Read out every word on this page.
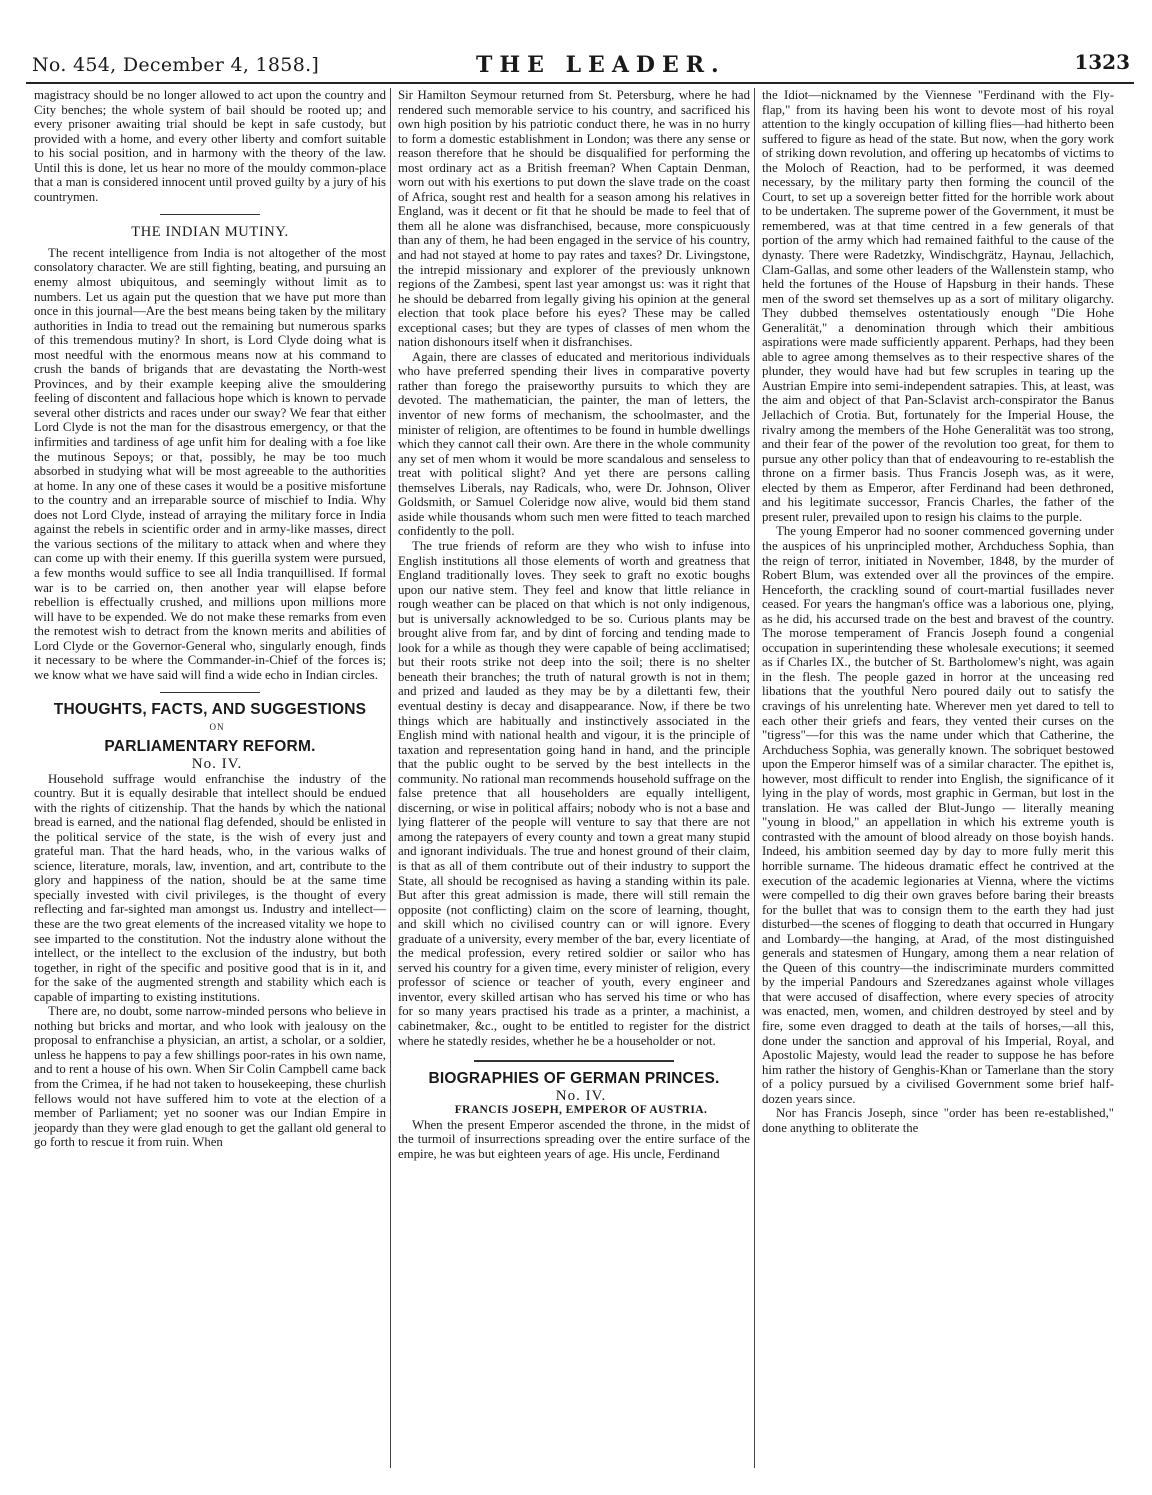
No. 454, December 4, 1858.]	THE LEADER.	1323

magistracy should be no longer allowed to act upon the country and City benches; the whole system of bail should be rooted up; and every prisoner awaiting trial should be kept in safe custody, but provided with a home, and every other liberty and comfort suitable to his social position, and in harmony with the theory of the law. Until this is done, let us hear no more of the mouldy common-place that a man is considered innocent until proved guilty by a jury of his countrymen.

THE INDIAN MUTINY.

The recent intelligence from India is not altogether of the most consolatory character. We are still fighting, beating, and pursuing an enemy almost ubiquitous, and seemingly without limit as to numbers. Let us again put the question that we have put more than once in this journal—Are the best means being taken by the military authorities in India to tread out the remaining but numerous sparks of this tremendous mutiny? In short, is Lord Clyde doing what is most needful with the enormous means now at his command to crush the bands of brigands that are devastating the North-west Provinces, and by their example keeping alive the smouldering feeling of discontent and fallacious hope which is known to pervade several other districts and races under our sway? We fear that either Lord Clyde is not the man for the disastrous emergency, or that the infirmities and tardiness of age unfit him for dealing with a foe like the mutinous Sepoys; or that, possibly, he may be too much absorbed in studying what will be most agreeable to the authorities at home. In any one of these cases it would be a positive misfortune to the country and an irreparable source of mischief to India. Why does not Lord Clyde, instead of arraying the military force in India against the rebels in scientific order and in army-like masses, direct the various sections of the military to attack when and where they can come up with their enemy. If this guerilla system were pursued, a few months would suffice to see all India tranquillised. If formal war is to be carried on, then another year will elapse before rebellion is effectually crushed, and millions upon millions more will have to be expended. We do not make these remarks from even the remotest wish to detract from the known merits and abilities of Lord Clyde or the Governor-General who, singularly enough, finds it necessary to be where the Commander-in-Chief of the forces is; we know what we have said will find a wide echo in Indian circles.

THOUGHTS, FACTS, AND SUGGESTIONS

ON

PARLIAMENTARY REFORM.

No. IV.

Household suffrage would enfranchise the industry of the country. But it is equally desirable that intellect should be endued with the rights of citizenship. That the hands by which the national bread is earned, and the national flag defended, should be enlisted in the political service of the state, is the wish of every just and grateful man. That the hard heads, who, in the various walks of science, literature, morals, law, invention, and art, contribute to the glory and happiness of the nation, should be at the same time specially invested with civil privileges, is the thought of every reflecting and far-sighted man amongst us. Industry and intellect—these are the two great elements of the increased vitality we hope to see imparted to the constitution. Not the industry alone without the intellect, or the intellect to the exclusion of the industry, but both together, in right of the specific and positive good that is in it, and for the sake of the augmented strength and stability which each is capable of imparting to existing institutions.

There are, no doubt, some narrow-minded persons who believe in nothing but bricks and mortar, and who look with jealousy on the proposal to enfranchise a physician, an artist, a scholar, or a soldier, unless he happens to pay a few shillings poor-rates in his own name, and to rent a house of his own. When Sir Colin Campbell came back from the Crimea, if he had not taken to housekeeping, these churlish fellows would not have suffered him to vote at the election of a member of Parliament; yet no sooner was our Indian Empire in jeopardy than they were glad enough to get the gallant old general to go forth to rescue it from ruin. When

Sir Hamilton Seymour returned from St. Petersburg, where he had rendered such memorable service to his country, and sacrificed his own high position by his patriotic conduct there, he was in no hurry to form a domestic establishment in London; was there any sense or reason therefore that he should be disqualified for performing the most ordinary act as a British freeman? When Captain Denman, worn out with his exertions to put down the slave trade on the coast of Africa, sought rest and health for a season among his relatives in England, was it decent or fit that he should be made to feel that of them all he alone was disfranchised, because, more conspicuously than any of them, he had been engaged in the service of his country, and had not stayed at home to pay rates and taxes? Dr. Livingstone, the intrepid missionary and explorer of the previously unknown regions of the Zambesi, spent last year amongst us: was it right that he should be debarred from legally giving his opinion at the general election that took place before his eyes? These may be called exceptional cases; but they are types of classes of men whom the nation dishonours itself when it disfranchises.

Again, there are classes of educated and meritorious individuals who have preferred spending their lives in comparative poverty rather than forego the praiseworthy pursuits to which they are devoted. The mathematician, the painter, the man of letters, the inventor of new forms of mechanism, the schoolmaster, and the minister of religion, are oftentimes to be found in humble dwellings which they cannot call their own. Are there in the whole community any set of men whom it would be more scandalous and senseless to treat with political slight? And yet there are persons calling themselves Liberals, nay Radicals, who, were Dr. Johnson, Oliver Goldsmith, or Samuel Coleridge now alive, would bid them stand aside while thousands whom such men were fitted to teach marched confidently to the poll.

The true friends of reform are they who wish to infuse into English institutions all those elements of worth and greatness that England traditionally loves. They seek to graft no exotic boughs upon our native stem. They feel and know that little reliance in rough weather can be placed on that which is not only indigenous, but is universally acknowledged to be so. Curious plants may be brought alive from far, and by dint of forcing and tending made to look for a while as though they were capable of being acclimatised; but their roots strike not deep into the soil; there is no shelter beneath their branches; the truth of natural growth is not in them; and prized and lauded as they may be by a dilettanti few, their eventual destiny is decay and disappearance. Now, if there be two things which are habitually and instinctively associated in the English mind with national health and vigour, it is the principle of taxation and representation going hand in hand, and the principle that the public ought to be served by the best intellects in the community. No rational man recommends household suffrage on the false pretence that all householders are equally intelligent, discerning, or wise in political affairs; nobody who is not a base and lying flatterer of the people will venture to say that there are not among the ratepayers of every county and town a great many stupid and ignorant individuals. The true and honest ground of their claim, is that as all of them contribute out of their industry to support the State, all should be recognised as having a standing within its pale. But after this great admission is made, there will still remain the opposite (not conflicting) claim on the score of learning, thought, and skill which no civilised country can or will ignore. Every graduate of a university, every member of the bar, every licentiate of the medical profession, every retired soldier or sailor who has served his country for a given time, every minister of religion, every professor of science or teacher of youth, every engineer and inventor, every skilled artisan who has served his time or who has for so many years practised his trade as a printer, a machinist, a cabinetmaker, &c., ought to be entitled to register for the district where he statedly resides, whether he be a householder or not.

BIOGRAPHIES OF GERMAN PRINCES.

No. IV.

FRANCIS JOSEPH, EMPEROR OF AUSTRIA.

When the present Emperor ascended the throne, in the midst of the turmoil of insurrections spreading over the entire surface of the empire, he was but eighteen years of age. His uncle, Ferdinand

the Idiot—nicknamed by the Viennese "Ferdinand with the Fly-flap," from its having been his wont to devote most of his royal attention to the kingly occupation of killing flies—had hitherto been suffered to figure as head of the state. But now, when the gory work of striking down revolution, and offering up hecatombs of victims to the Moloch of Reaction, had to be performed, it was deemed necessary, by the military party then forming the council of the Court, to set up a sovereign better fitted for the horrible work about to be undertaken. The supreme power of the Government, it must be remembered, was at that time centred in a few generals of that portion of the army which had remained faithful to the cause of the dynasty. There were Radetzky, Windischgrätz, Haynau, Jellachich, Clam-Gallas, and some other leaders of the Wallenstein stamp, who held the fortunes of the House of Hapsburg in their hands. These men of the sword set themselves up as a sort of military oligarchy. They dubbed themselves ostentatiously enough "Die Hohe Generalität," a denomination through which their ambitious aspirations were made sufficiently apparent. Perhaps, had they been able to agree among themselves as to their respective shares of the plunder, they would have had but few scruples in tearing up the Austrian Empire into semi-independent satrapies. This, at least, was the aim and object of that Pan-Sclavist arch-conspirator the Banus Jellachich of Crotia. But, fortunately for the Imperial House, the rivalry among the members of the Hohe Generalität was too strong, and their fear of the power of the revolution too great, for them to pursue any other policy than that of endeavouring to re-establish the throne on a firmer basis. Thus Francis Joseph was, as it were, elected by them as Emperor, after Ferdinand had been dethroned, and his legitimate successor, Francis Charles, the father of the present ruler, prevailed upon to resign his claims to the purple.

The young Emperor had no sooner commenced governing under the auspices of his unprincipled mother, Archduchess Sophia, than the reign of terror, initiated in November, 1848, by the murder of Robert Blum, was extended over all the provinces of the empire. Henceforth, the crackling sound of court-martial fusillades never ceased. For years the hangman's office was a laborious one, plying, as he did, his accursed trade on the best and bravest of the country. The morose temperament of Francis Joseph found a congenial occupation in superintending these wholesale executions; it seemed as if Charles IX., the butcher of St. Bartholomew's night, was again in the flesh. The people gazed in horror at the unceasing red libations that the youthful Nero poured daily out to satisfy the cravings of his unrelenting hate. Wherever men yet dared to tell to each other their griefs and fears, they vented their curses on the "tigress"—for this was the name under which that Catherine, the Archduchess Sophia, was generally known. The sobriquet bestowed upon the Emperor himself was of a similar character. The epithet is, however, most difficult to render into English, the significance of it lying in the play of words, most graphic in German, but lost in the translation. He was called der Blut-Jungo — literally meaning "young in blood," an appellation in which his extreme youth is contrasted with the amount of blood already on those boyish hands. Indeed, his ambition seemed day by day to more fully merit this horrible surname. The hideous dramatic effect he contrived at the execution of the academic legionaries at Vienna, where the victims were compelled to dig their own graves before baring their breasts for the bullet that was to consign them to the earth they had just disturbed—the scenes of flogging to death that occurred in Hungary and Lombardy—the hanging, at Arad, of the most distinguished generals and statesmen of Hungary, among them a near relation of the Queen of this country—the indiscriminate murders committed by the imperial Pandours and Szeredzanes against whole villages that were accused of disaffection, where every species of atrocity was enacted, men, women, and children destroyed by steel and by fire, some even dragged to death at the tails of horses,—all this, done under the sanction and approval of his Imperial, Royal, and Apostolic Majesty, would lead the reader to suppose he has before him rather the history of Genghis-Khan or Tamerlane than the story of a policy pursued by a civilised Government some brief half-dozen years since.

Nor has Francis Joseph, since "order has been re-established," done anything to obliterate the
